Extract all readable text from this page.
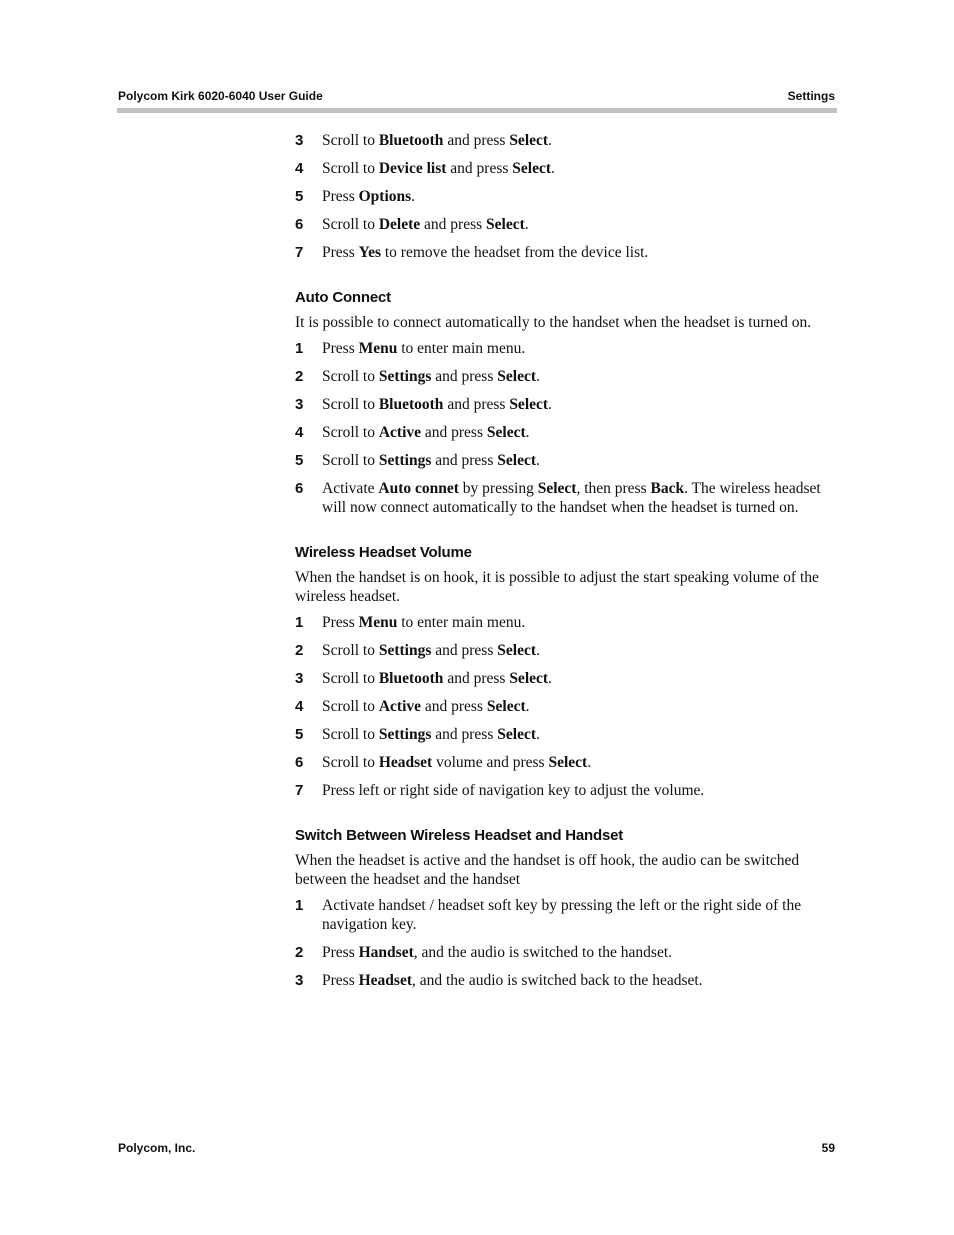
Polycom Kirk 6020-6040 User Guide	Settings
3	Scroll to Bluetooth and press Select.
4	Scroll to Device list and press Select.
5	Press Options.
6	Scroll to Delete and press Select.
7	Press Yes to remove the headset from the device list.
Auto Connect

It is possible to connect automatically to the handset when the headset is turned on.

1	Press Menu to enter main menu.
2	Scroll to Settings and press Select.
3	Scroll to Bluetooth and press Select.
4	Scroll to Active and press Select.
5	Scroll to Settings and press Select.
6	Activate Auto connet by pressing Select, then press Back. The wireless headset will now connect automatically to the handset when the headset is turned on.
Wireless Headset Volume

When the handset is on hook, it is possible to adjust the start speaking volume of the wireless headset.

1	Press Menu to enter main menu.
2	Scroll to Settings and press Select.
3	Scroll to Bluetooth and press Select.
4	Scroll to Active and press Select.
5	Scroll to Settings and press Select.
6	Scroll to Headset volume and press Select.
7	Press left or right side of navigation key to adjust the volume.
Switch Between Wireless Headset and Handset

When the headset is active and the handset is off hook, the audio can be switched between the headset and the handset

1	Activate handset / headset soft key by pressing the left or the right side of the navigation key.
2	Press Handset, and the audio is switched to the handset.
3	Press Headset, and the audio is switched back to the headset.
Polycom, Inc.	59
